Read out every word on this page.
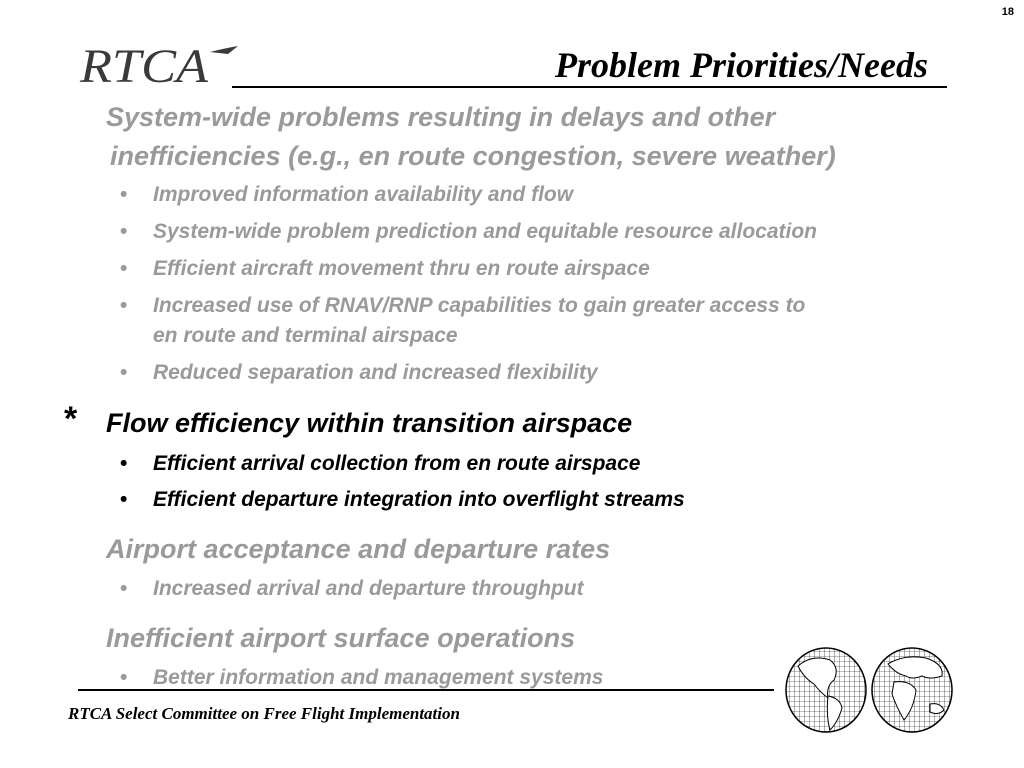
18
RTCA	Problem Priorities/Needs
System-wide problems resulting in delays and other
inefficiencies (e.g., en route congestion, severe weather)
• Improved information availability and flow
• System-wide problem prediction and equitable resource allocation
• Efficient aircraft movement thru en route airspace
• Increased use of RNAV/RNP capabilities to gain greater access to
en route and terminal airspace
• Reduced separation and increased flexibility
* Flow efficiency within transition airspace
• Efficient arrival collection from en route airspace
• Efficient departure integration into overflight streams
Airport acceptance and departure rates
• Increased arrival and departure throughput
Inefficient airport surface operations
• Better information and management systems
RTCA Select Committee on Free Flight Implementation
